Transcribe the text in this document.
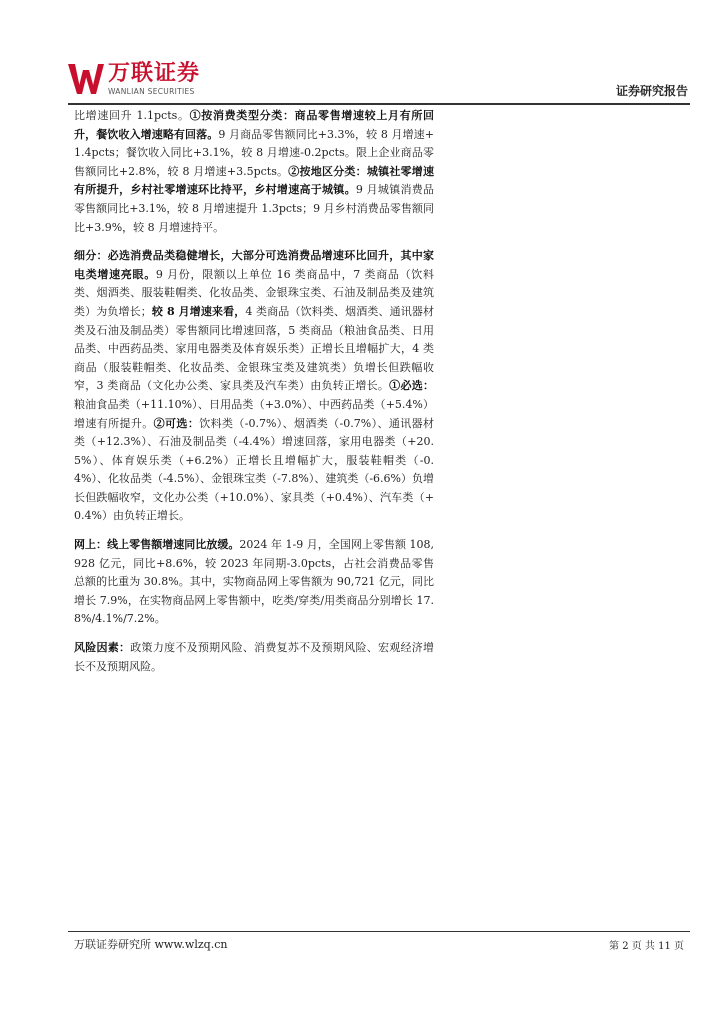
万联证券
WANLIAN SECURITIES	证券研究报告

比增速回升 1.1pcts。①按消费类型分类：商品零售增速较上月有所回升，餐饮收入增速略有回落。9 月商品零售额同比+3.3%，较 8 月增速+1.4pcts；餐饮收入同比+3.1%，较 8 月增速-0.2pcts。限上企业商品零售额同比+2.8%，较 8 月增速+3.5pcts。②按地区分类：城镇社零增速有所提升，乡村社零增速环比持平，乡村增速高于城镇。9 月城镇消费品零售额同比+3.1%，较 8 月增速提升 1.3pcts；9 月乡村消费品零售额同比+3.9%，较 8 月增速持平。

细分：必选消费品类稳健增长，大部分可选消费品增速环比回升，其中家电类增速亮眼。9 月份，限额以上单位 16 类商品中，7 类商品（饮料类、烟酒类、服装鞋帽类、化妆品类、金银珠宝类、石油及制品类及建筑类）为负增长；较 8 月增速来看，4 类商品（饮料类、烟酒类、通讯器材类及石油及制品类）零售额同比增速回落，5 类商品（粮油食品类、日用品类、中西药品类、家用电器类及体育娱乐类）正增长且增幅扩大，4 类商品（服装鞋帽类、化妆品类、金银珠宝类及建筑类）负增长但跌幅收窄，3 类商品（文化办公类、家具类及汽车类）由负转正增长。①必选：粮油食品类（+11.10%）、日用品类（+3.0%）、中西药品类（+5.4%）增速有所提升。②可选：饮料类（-0.7%）、烟酒类（-0.7%）、通讯器材类（+12.3%）、石油及制品类（-4.4%）增速回落，家用电器类（+20.5%）、体育娱乐类（+6.2%）正增长且增幅扩大，服装鞋帽类（-0.4%）、化妆品类（-4.5%）、金银珠宝类（-7.8%）、建筑类（-6.6%）负增长但跌幅收窄，文化办公类（+10.0%）、家具类（+0.4%）、汽车类（+0.4%）由负转正增长。

网上：线上零售额增速同比放缓。2024 年 1-9 月，全国网上零售额 108,928 亿元，同比+8.6%，较 2023 年同期-3.0pcts，占社会消费品零售总额的比重为 30.8%。其中，实物商品网上零售额为 90,721 亿元，同比增长 7.9%，在实物商品网上零售额中，吃类/穿类/用类商品分别增长 17.8%/4.1%/7.2%。

风险因素：政策力度不及预期风险、消费复苏不及预期风险、宏观经济增长不及预期风险。

万联证券研究所 www.wlzq.cn	第 2 页 共 11 页
